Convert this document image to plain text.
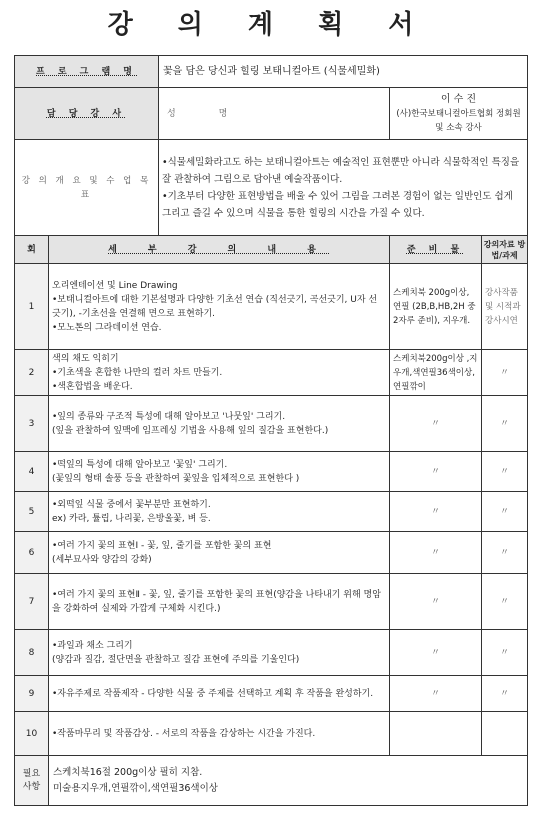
강 의 계 획 서
프 로 그 램 명		꽃을 담은 당신과 힐링 보태니컬아트 (식물세밀화)		
담 당 강 사		성 명	이 수 진
(사)한국보태니컬아트협회 정회원 및 소속 강사	

강 의 개 요 및 수 업 목 표		•식물세밀화라고도 하는 보태니컬아트는 예술적인 표현뿐만 아니라 식물학적인 특징을 잘 관찰하여 그림으로 담아낸 예술작품이다.
•기초부터 다양한 표현방법을 배울 수 있어 그림을 그려본 경험이 없는 일반인도 쉽게 그리고 즐길 수 있으며 식물을 통한 힐링의 시간을 가질 수 있다.		

회	세 부 강 의 내 용		준 비 물	강의자료 방법/과제
1	오리엔테이션 및 Line Drawing
•보태니컬아트에 대한 기본설명과 다양한 기초선 연습 (직선긋기, 곡선긋기, U자 선 긋기), -기초선을 연결해 면으로 표현하기.
•모노톤의 그라데이션 연습.		스케치북 200g이상, 연필 (2B,B,HB,2H 중 2자루 준비), 지우개.	강사작품 및 시적과 강사시연
2	색의 채도 익히기
•기초색을 혼합한 나만의 컬러 차트 만들기.
•색혼합법을 배운다.		스케치북200g이상 ,지우개,색연필36색이상,연필깎이	〃
3	•잎의 종류와 구조적 특성에 대해 알아보고 '나뭇잎' 그리기.
(잎을 관찰하여 잎맥에 임프레싱 기법을 사용해 잎의 질감을 표현한다.)		〃	〃
4	•떡잎의 특성에 대해 알아보고 '꽃잎' 그리기.
(꽃잎의 형태 솔풍 등을 관찰하여 꽃잎을 입체적으로 표현한다 )		〃	〃
5	•외떡잎 식물 중에서 꽃부분만 표현하기.
ex) 카라, 튤립, 나리꽃, 은방울꽃, 벼 등.		〃	〃
6	•여러 가지 꽃의 표현Ⅰ - 꽃, 잎, 줄기를 포함한 꽃의 표현
(세부묘사와 양감의 강화)		〃	〃
7	•여러 가지 꽃의 표현Ⅱ - 꽃, 잎, 줄기를 포함한 꽃의 표현(양감을 나타내기 위해 명암을 강화하여 실제와 가깝게 구체화 시킨다.)		〃	〃
8	•과일과 채소 그리기
(양감과 질감, 절단면을 관찰하고 질감 표현에 주의를 기울인다)		〃	〃
9	•자유주제로 작품제작 - 다양한 식물 중 주제를 선택하고 계획 후 작품을 완성하기.		〃	〃
10	•작품마무리 및 작품감상. - 서로의 작품을 감상하는 시간을 가진다.			

필요 사항	스케치북16절 200g이상 필히 지참.
미술용지우개,연필깎이,색연필36색이상			
